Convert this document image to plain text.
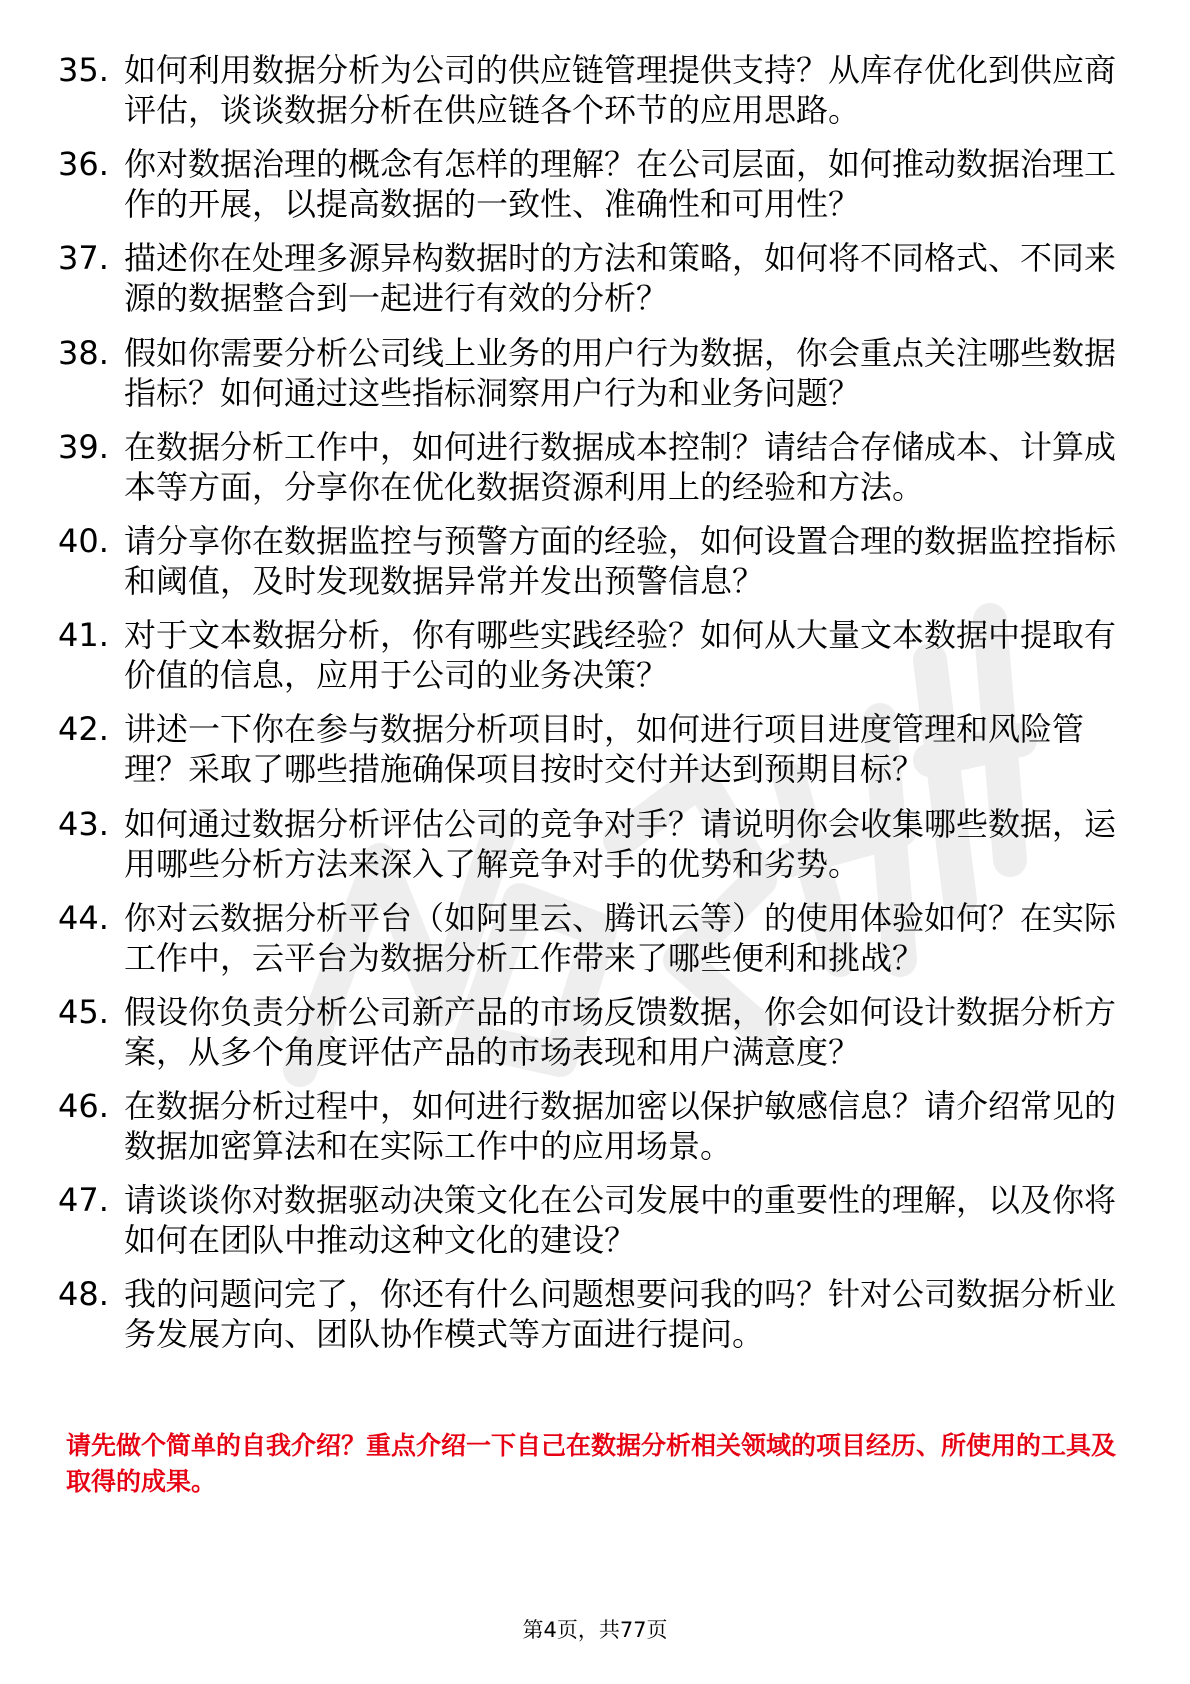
35. 如何利用数据分析为公司的供应链管理提供支持？从库存优化到供应商评估，谈谈数据分析在供应链各个环节的应用思路。
36. 你对数据治理的概念有怎样的理解？在公司层面，如何推动数据治理工作的开展，以提高数据的一致性、准确性和可用性？
37. 描述你在处理多源异构数据时的方法和策略，如何将不同格式、不同来源的数据整合到一起进行有效的分析？
38. 假如你需要分析公司线上业务的用户行为数据，你会重点关注哪些数据指标？如何通过这些指标洞察用户行为和业务问题？
39. 在数据分析工作中，如何进行数据成本控制？请结合存储成本、计算成本等方面，分享你在优化数据资源利用上的经验和方法。
40. 请分享你在数据监控与预警方面的经验，如何设置合理的数据监控指标和阈值，及时发现数据异常并发出预警信息？
41. 对于文本数据分析，你有哪些实践经验？如何从大量文本数据中提取有价值的信息，应用于公司的业务决策？
42. 讲述一下你在参与数据分析项目时，如何进行项目进度管理和风险管理？采取了哪些措施确保项目按时交付并达到预期目标？
43. 如何通过数据分析评估公司的竞争对手？请说明你会收集哪些数据，运用哪些分析方法来深入了解竞争对手的优势和劣势。
44. 你对云数据分析平台（如阿里云、腾讯云等）的使用体验如何？在实际工作中，云平台为数据分析工作带来了哪些便利和挑战？
45. 假设你负责分析公司新产品的市场反馈数据，你会如何设计数据分析方案，从多个角度评估产品的市场表现和用户满意度？
46. 在数据分析过程中，如何进行数据加密以保护敏感信息？请介绍常见的数据加密算法和在实际工作中的应用场景。
47. 请谈谈你对数据驱动决策文化在公司发展中的重要性的理解，以及你将如何在团队中推动这种文化的建设？
48. 我的问题问完了，你还有什么问题想要问我的吗？针对公司数据分析业务发展方向、团队协作模式等方面进行提问。

请先做个简单的自我介绍？重点介绍一下自己在数据分析相关领域的项目经历、所使用的工具及取得的成果。

第4页，共77页
